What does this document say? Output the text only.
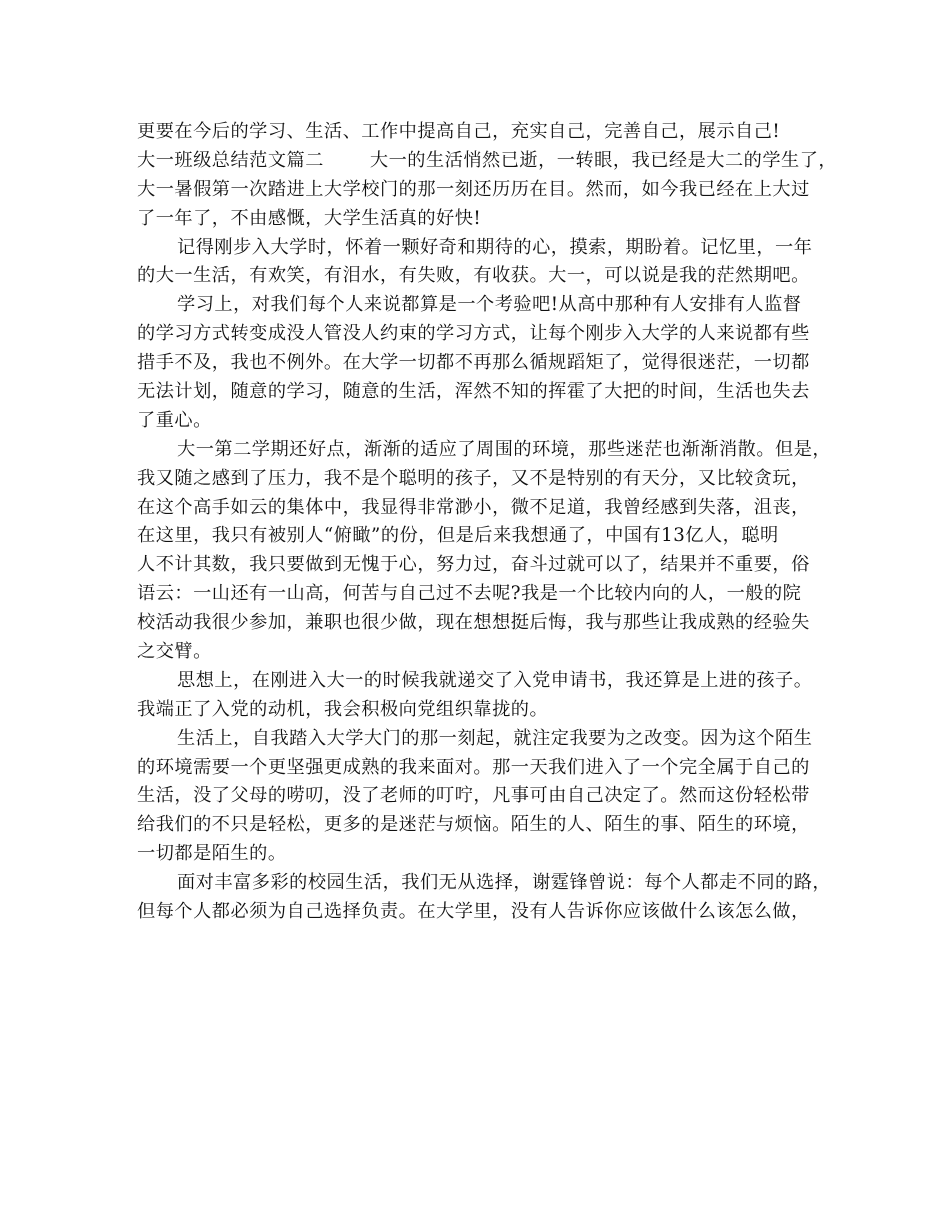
更要在今后的学习、生活、工作中提高自己，充实自己，完善自己，展示自己!
大一班级总结范文篇二	大一的生活悄然已逝，一转眼，我已经是大二的学生了，
大一暑假第一次踏进上大学校门的那一刻还历历在目。然而，如今我已经在上大过
了一年了，不由感慨，大学生活真的好快!
记得刚步入大学时，怀着一颗好奇和期待的心，摸索，期盼着。记忆里，一年
的大一生活，有欢笑，有泪水，有失败，有收获。大一，可以说是我的茫然期吧。
学习上，对我们每个人来说都算是一个考验吧!从高中那种有人安排有人监督
的学习方式转变成没人管没人约束的学习方式，让每个刚步入大学的人来说都有些
措手不及，我也不例外。在大学一切都不再那么循规蹈矩了，觉得很迷茫，一切都
无法计划，随意的学习，随意的生活，浑然不知的挥霍了大把的时间，生活也失去
了重心。
大一第二学期还好点，渐渐的适应了周围的环境，那些迷茫也渐渐消散。但是，
我又随之感到了压力，我不是个聪明的孩子，又不是特别的有天分，又比较贪玩，
在这个高手如云的集体中，我显得非常渺小，微不足道，我曾经感到失落，沮丧，
在这里，我只有被别人“俯瞰”的份，但是后来我想通了，中国有13亿人，聪明
人不计其数，我只要做到无愧于心，努力过，奋斗过就可以了，结果并不重要，俗
语云：一山还有一山高，何苦与自己过不去呢?我是一个比较内向的人，一般的院
校活动我很少参加，兼职也很少做，现在想想挺后悔，我与那些让我成熟的经验失
之交臂。
思想上，在刚进入大一的时候我就递交了入党申请书，我还算是上进的孩子。
我端正了入党的动机，我会积极向党组织靠拢的。
生活上，自我踏入大学大门的那一刻起，就注定我要为之改变。因为这个陌生
的环境需要一个更坚强更成熟的我来面对。那一天我们进入了一个完全属于自己的
生活，没了父母的唠叨，没了老师的叮咛，凡事可由自己决定了。然而这份轻松带
给我们的不只是轻松，更多的是迷茫与烦恼。陌生的人、陌生的事、陌生的环境，
一切都是陌生的。
面对丰富多彩的校园生活，我们无从选择，谢霆锋曾说：每个人都走不同的路，
但每个人都必须为自己选择负责。在大学里，没有人告诉你应该做什么该怎么做，
